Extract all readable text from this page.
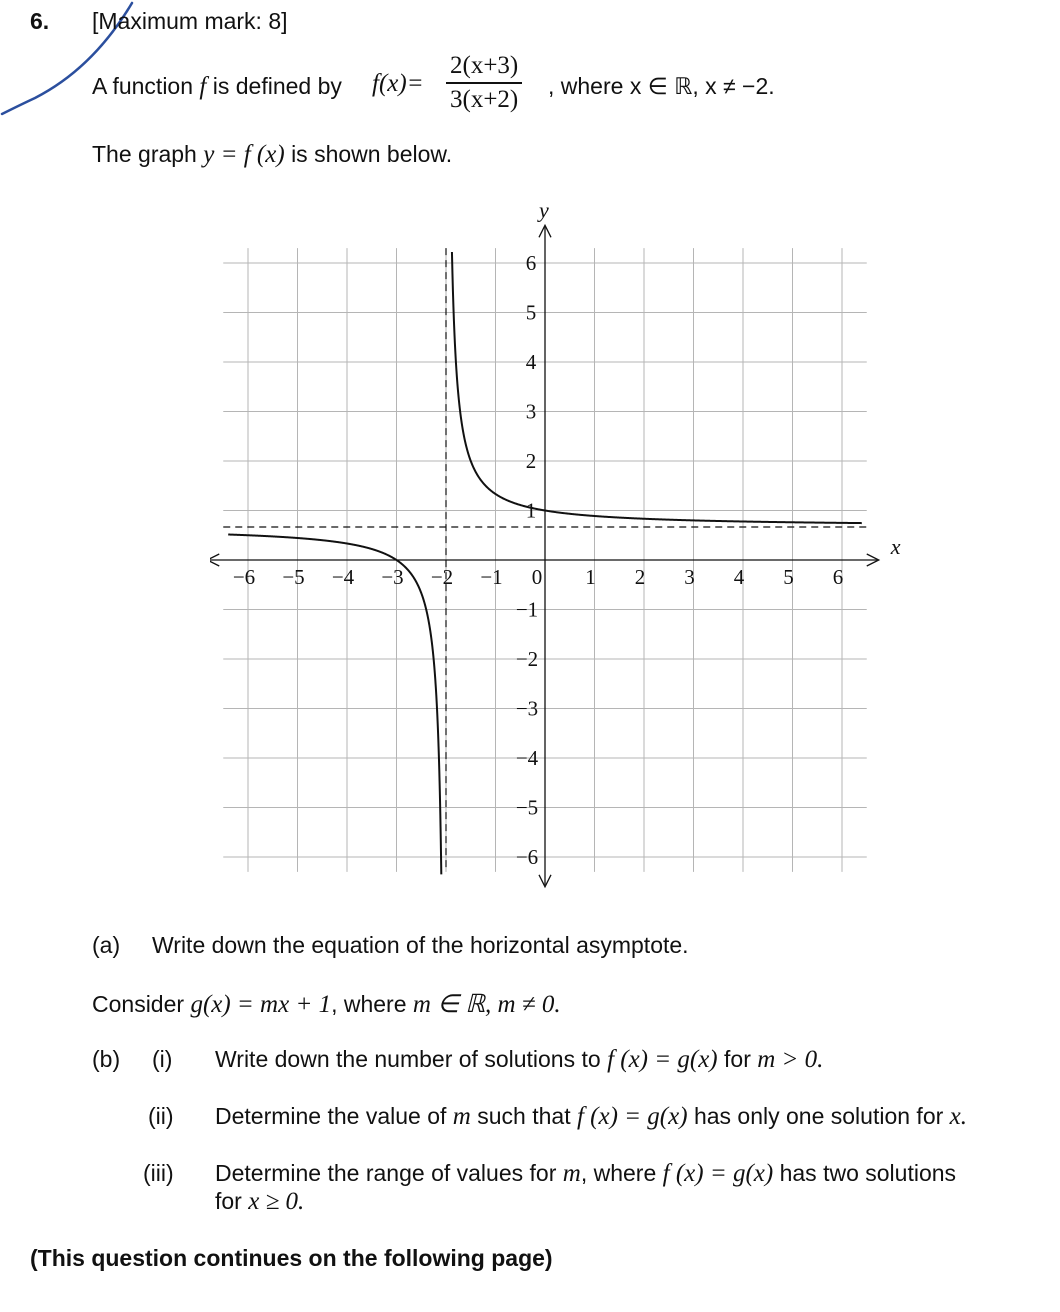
6. [Maximum mark: 8]
A function f is defined by f(x)=
2(x+3)
3(x+2) , where x ∈ ℝ, x ≠ −2.
The graph y = f (x) is shown below.
x
y
−6 −5 −4 −3 −2 −1 0 1 2 3 4 5 6
1
2
3
4
5
6
−1
−2
−3
−4
−5
−6
(a) Write down the equation of the horizontal asymptote.
Consider g(x) = mx + 1, where m ∈ ℝ, m ≠ 0.
(b) (i) Write down the number of solutions to f (x) = g(x) for m > 0.
(ii) Determine the value of m such that f (x) = g(x) has only one solution for x.
(iii) Determine the range of values for m, where f (x) = g(x) has two solutions
for x ≥ 0.
(This question continues on the following page)
